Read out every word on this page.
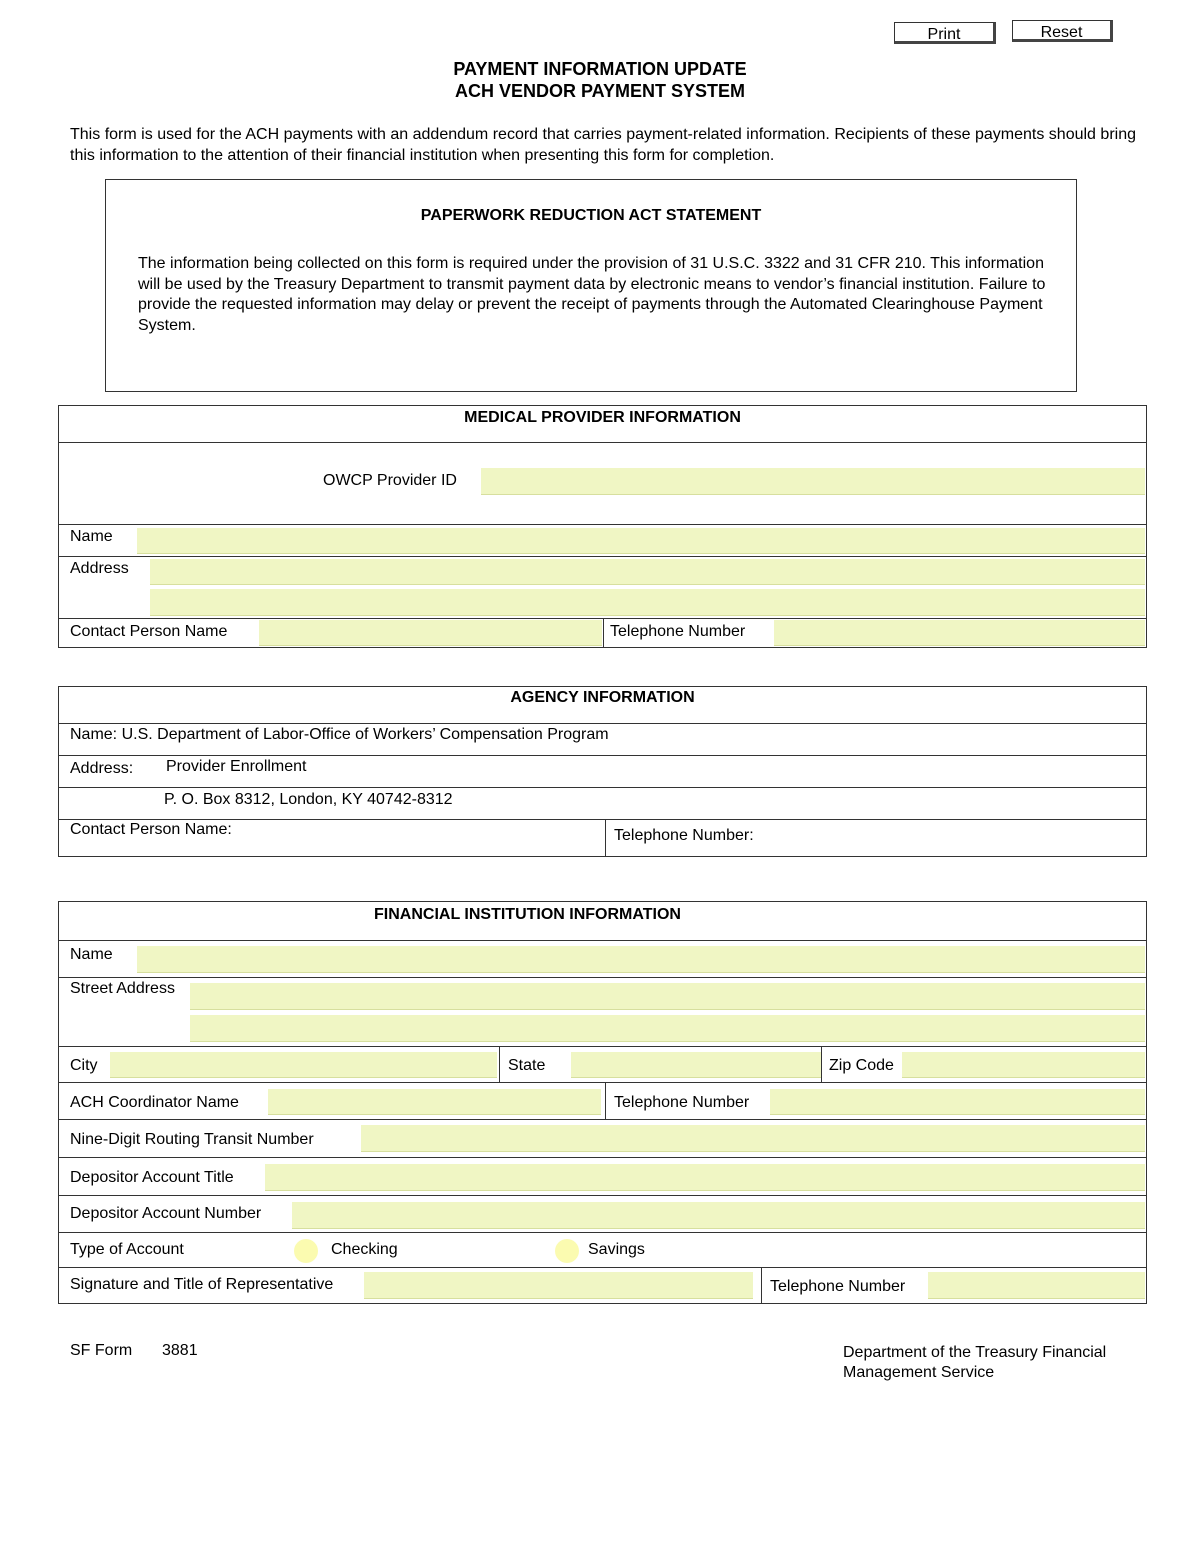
Print	Reset
PAYMENT INFORMATION UPDATE
ACH VENDOR PAYMENT SYSTEM
This form is used for the ACH payments with an addendum record that carries payment-related information. Recipients of these payments should bring this information to the attention of their financial institution when presenting this form for completion.
PAPERWORK REDUCTION ACT STATEMENT
The information being collected on this form is required under the provision of 31 U.S.C. 3322 and 31 CFR 210. This information will be used by the Treasury Department to transmit payment data by electronic means to vendor’s financial institution. Failure to provide the requested information may delay or prevent the receipt of payments through the Automated Clearinghouse Payment System.
MEDICAL PROVIDER INFORMATION
OWCP Provider ID
Name
Address
Contact Person Name	Telephone Number
AGENCY INFORMATION
Name: U.S. Department of Labor-Office of Workers’ Compensation Program
Address: Provider Enrollment
P. O. Box 8312, London, KY 40742-8312
Contact Person Name:	Telephone Number:
FINANCIAL INSTITUTION INFORMATION
Name
Street Address
City	State	Zip Code
ACH Coordinator Name	Telephone Number
Nine-Digit Routing Transit Number
Depositor Account Title
Depositor Account Number
Type of Account	Checking	Savings
Signature and Title of Representative	Telephone Number
SF Form 3881	Department of the Treasury Financial
Management Service
